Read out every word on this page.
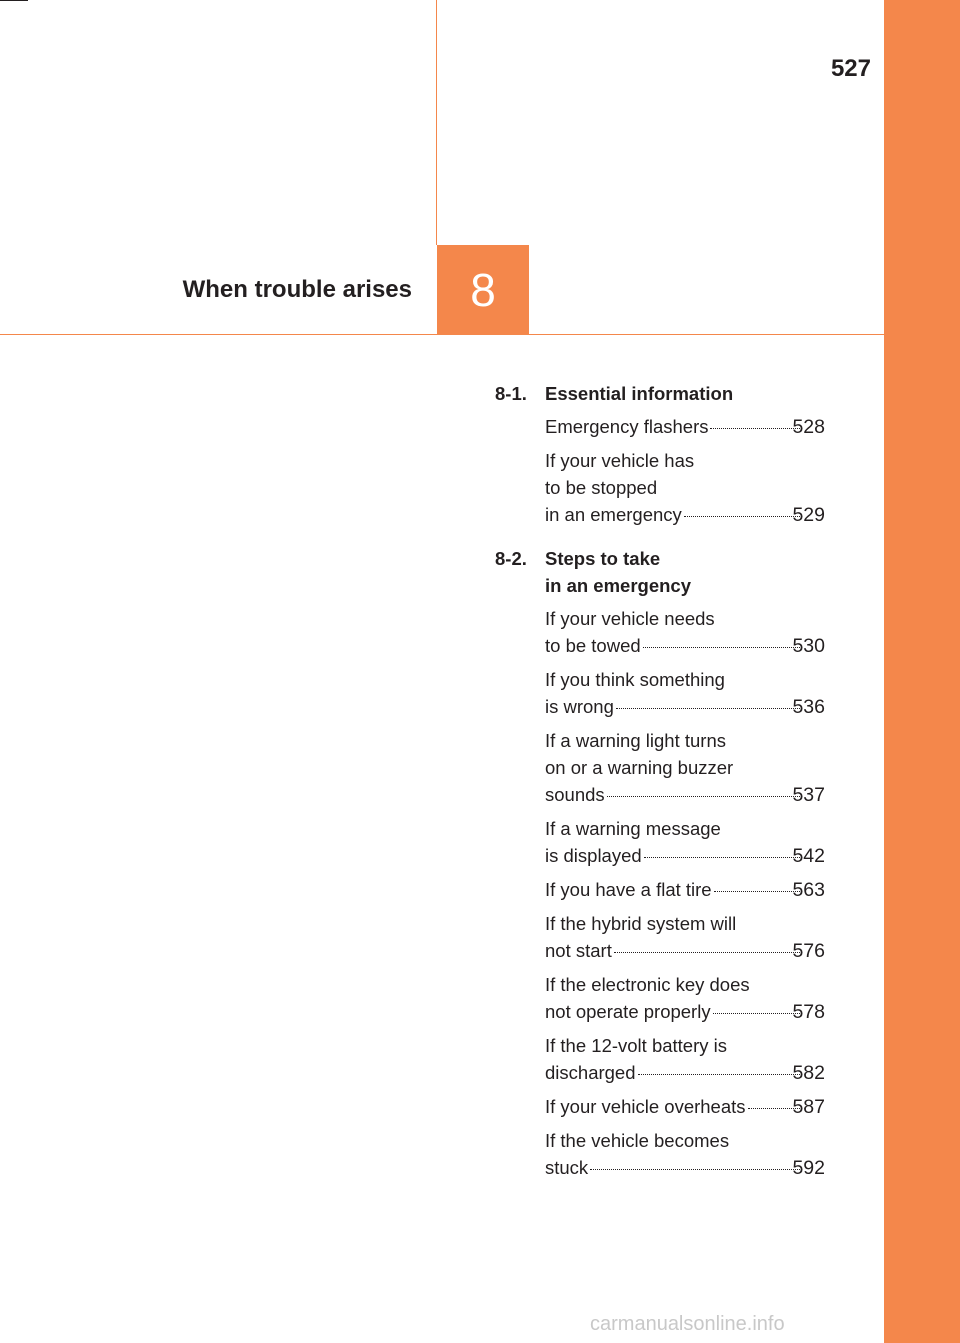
527
When trouble arises 8
8-1. Essential information
Emergency flashers	528
If your vehicle has
to be stopped
in an emergency	529
8-2. Steps to take
in an emergency
If your vehicle needs
to be towed	530
If you think something
is wrong	536
If a warning light turns
on or a warning buzzer
sounds	537
If a warning message
is displayed	542
If you have a flat tire	563
If the hybrid system will
not start	576
If the electronic key does
not operate properly	578
If the 12-volt battery is
discharged	582
If your vehicle overheats 587
If the vehicle becomes
stuck	592
carmanualsonline.info
